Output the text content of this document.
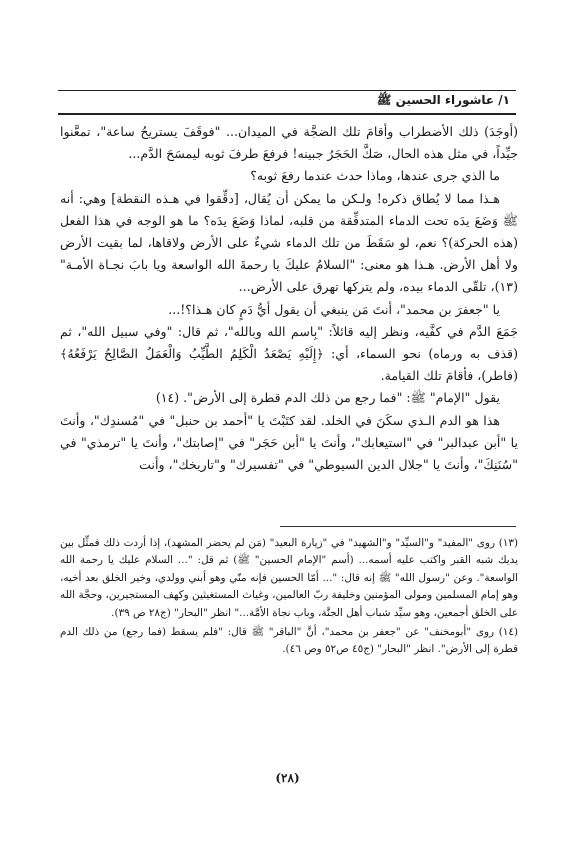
١/ عاشوراء الحسين ﷺ

(أوجَدَ) ذلك الأضطراب وأقامَ تلك الضجَّة في الميدان... "فوقَفَ يستريحُ ساعة"، تمعَّنوا جيِّداً، في مثل هذه الحال، صَكَّ الحَجَرُ جبينه! فرفعَ طرفَ ثوبه ليمسَحَ الدَّم...

ما الذي جرى عندها، وماذا حدث عندما رفعَ ثوبه؟

هـذا مما لا يُطاق ذكره! ولـكن ما يمكن أن يُقال، [دقِّقوا في هـذه النقطة] وهي: أنه ﷺ وَضَعَ يدَه تحت الدماء المتدفِّقة من قلبه، لماذا وَضَعَ يدَه؟ ما هو الوجه في هذا الفعل (هذه الحركة)؟ نعم، لو سَقَطَ من تلك الدماء شيءٌ على الأرض ولاقاها، لما بقيت الأرض ولا أهل الأرض. هـذا هو معنى: "السلامُ عليكَ يا رحمةَ الله الواسعة ويا بابَ نجـاة الأمـة" (١٣)، تلقّى الدماء بيده، ولم يتركها تهرق على الأرض...

يا "جعفرَ بن محمد"، أنتَ مَن ينبغي أن يقول أيُّ دَمٍ كان هـذا؟!...

جَمَعَ الدَّم في كفَّيه، ونظر إليه قائلاً: "بِاسم الله وبالله"، ثم قال: "وفي سبيل الله"، ثم (قذف به ورماه) نحو السماء، أي: ﴿إِلَيْهِ يَصْعَدُ الْكَلِمُ الطَّيِّبُ وَالْعَمَلُ الصَّالِحُ يَرْفَعُهُ﴾ (فاطر)، فأقامَ تلك القيامة.

يقول "الإمام" ﷺ: "فما رجع من ذلك الدم قطرة إلى الأرض". (١٤)

هذا هو الدم الـذي سكَنَ في الخلد. لقد كتَبْتَ يا "أحمد بن حنبل" في "مُسندِك"، وأنتَ يا "أبن عبدالبر" في "استيعابك"، وأنتَ يا "أبن حَجَر" في "إصابتك"، وأنتَ يا "ترمذي" في "سُنَنِكَ"، وأنتَ يا "جلال الدين السيوطي" في "تفسيرك" و"تاريخك"، وأنت

(١٣) روى "المفيد" و"السيِّد" و"الشهيد" في "زيارة البعيد" (مَن لم يحضر المشهد)، إذا أردت ذلك فمثِّل بين يديك شبه القبر واكتب عليه أسمه... (أسم "الإمام الحسين" ﷺ) ثم قل: "... السلام عليك يا رحمة الله الواسعة". وعن "رسول الله" ﷺ إنه قال: "... أمّا الحسين فإنه منّي وهو أبني وولدي، وخير الخلق بعد أخيه، وهو إمام المسلمين ومولى المؤمنين وخليفة ربّ العالمين، وغياث المستغيثين وكهف المستجيرين، وحجَّة الله على الخلق أجمعين، وهو سيِّد شباب أهل الجنَّة، وباب نجاة الأمَّة..." انظر "البحار" (ج٢٨ ص ٣٩).

(١٤) روى "أبومخنف" عن "جعفر بن محمد"، أنَّ "الباقر" ﷺ قال: "فلم يسقط (فما رجع) من ذلك الدم قطرة إلى الأرض". انظر "البحار" (ج٤٥ ص٥٢ وص ٤٦).

(٢٨)
